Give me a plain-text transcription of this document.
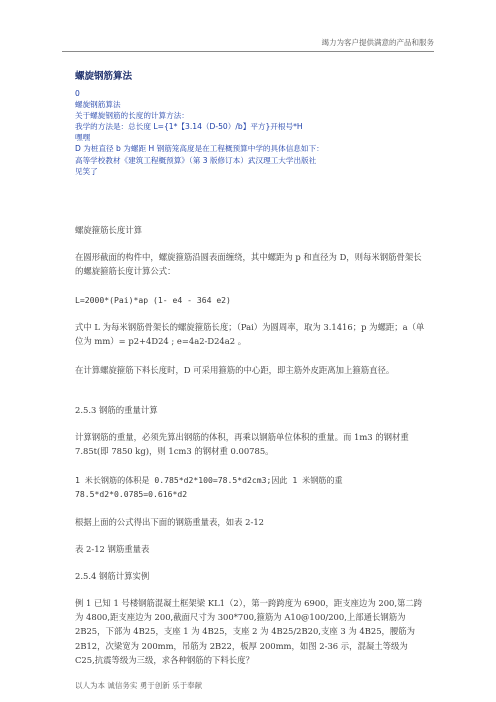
竭力为客户提供满意的产品和服务
螺旋钢筋算法
0
螺旋钢筋算法
关于螺旋钢筋的长度的计算方法：
我学的方法是：总长度 L={1*【3.14（D-50）/b】平方}开根号*H
嘿嘿
D 为桩直径 b 为螺距 H 钢筋笼高度是在工程概预算中学的具体信息如下：
高等学校教材《建筑工程概预算》（第 3 版修订本）武汉理工大学出版社
见笑了

螺旋箍筋长度计算

在圆形截面的构件中，螺旋箍筋沿圆表面缠绕，其中螺距为 p 和直径为 D，则每米钢筋骨架长的螺旋箍筋长度计算公式：

L=2000*(Pai)*ap (1- e4 - 364 e2)

式中 L 为每米钢筋骨架长的螺旋箍筋长度；（Pai）为圆周率，取为 3.1416；p 为螺距；a（单位为 mm）= p2+4D24 ; e=4a2-D24a2 。

在计算螺旋箍筋下料长度时，D 可采用箍筋的中心距，即主筋外皮距离加上箍筋直径。

2.5.3 钢筋的重量计算

计算钢筋的重量，必须先算出钢筋的体积，再乘以钢筋单位体积的重量。而 1m3 的钢材重 7.85t(即 7850 kg)，则 1cm3 的钢材重 0.00785。

1 米长钢筋的体积是 0.785*d2*100=78.5*d2cm3;因此 1 米钢筋的重 78.5*d2*0.0785=0.616*d2

根据上面的公式得出下面的钢筋重量表，如表 2-12

表 2-12 钢筋重量表

2.5.4 钢筋计算实例

例 1 已知 1 号楼钢筋混凝土框架梁 KL1（2），第一跨跨度为 6900，距支座边为 200,第二跨为 4800,距支座边为 200,截面尺寸为 300*700,箍筋为 A10@100/200,上部通长钢筋为 2B25，下部为 4B25，支座 1 为 4B25，支座 2 为 4B25/2B20,支座 3 为 4B25，腰筋为 2B12，次梁宽为 200mm，吊筋为 2B22，板厚 200mm，如图 2-36 示，混凝土等级为 C25,抗震等级为三级，求各种钢筋的下料长度？

以人为本 诚信务实 勇于创新 乐于奉献
